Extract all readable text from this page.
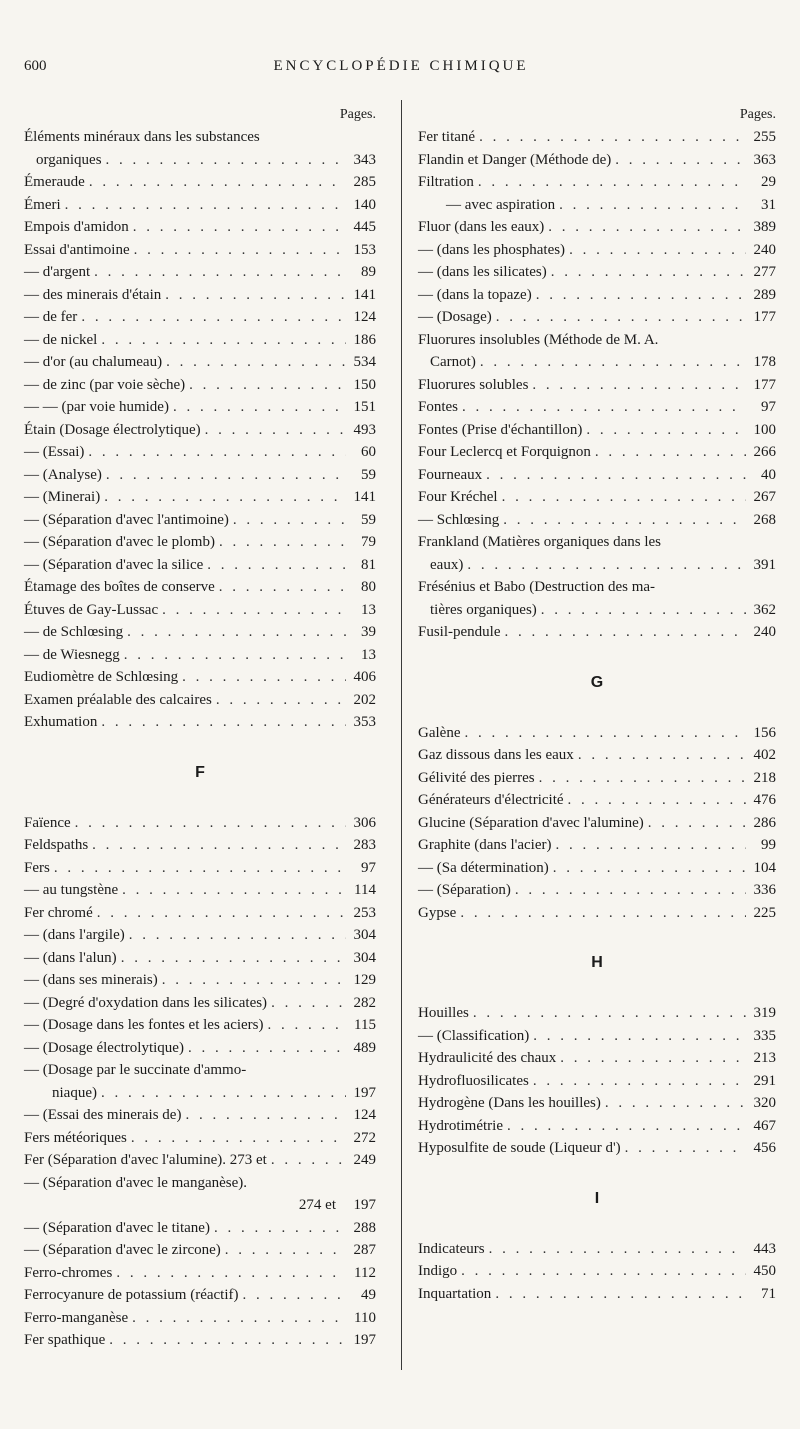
600	ENCYCLOPÉDIE CHIMIQUE
Pages.
Éléments minéraux dans les substances
organiques . . .	343
Émeraude . . .	285
Émeri . . .	140
Empois d'amidon . . .	445
Essai d'antimoine . . .	153
— d'argent . . .	89
— des minerais d'étain . . .	141
— de fer . . .	124
— de nickel . . .	186
— d'or (au chalumeau) . . .	534
— de zinc (par voie sèche) . . .	150
— — (par voie humide) . . .	151
Étain (Dosage électrolytique) . . .	493
— (Essai) . . .	60
— (Analyse) . . .	59
— (Minerai) . . .	141
— (Séparation d'avec l'antimoine) . . .	59
— (Séparation d'avec le plomb) . . .	79
— (Séparation d'avec la silice . . .	81
Étamage des boîtes de conserve . . .	80
Étuves de Gay-Lussac . . .	13
— de Schlœsing . . .	39
— de Wiesnegg . . .	13
Eudiomètre de Schlœsing . . .	406
Examen préalable des calcaires . . .	202
Exhumation . . .	353
F
Faïence . . .	306
Feldspaths . . .	283
Fers . . .	97
— au tungstène . . .	114
Fer chromé . . .	253
— (dans l'argile) . . .	304
— (dans l'alun) . . .	304
— (dans ses minerais) . . .	129
— (Degré d'oxydation dans les silicates) . . .	282
— (Dosage dans les fontes et les aciers) . . .	115
— (Dosage électrolytique) . . .	489
— (Dosage par le succinate d'ammo-
niaque) . . .	197
— (Essai des minerais de) . . .	124
Fers météoriques . . .	272
Fer (Séparation d'avec l'alumine). 273 et . . .	249
— (Séparation d'avec le manganèse).
274 et 197
— (Séparation d'avec le titane) . . .	288
— (Séparation d'avec le zircone) . . .	287
Ferro-chromes . . .	112
Ferrocyanure de potassium (réactif) . . .	49
Ferro-manganèse . . .	110
Fer spathique . . .	197
Pages.
Fer titané . . .	255
Flandin et Danger (Méthode de) . . .	363
Filtration . . .	29
— avec aspiration . . .	31
Fluor (dans les eaux) . . .	389
— (dans les phosphates) . . .	240
— (dans les silicates) . . .	277
— (dans la topaze) . . .	289
— (Dosage) . . .	177
Fluorures insolubles (Méthode de M. A.
Carnot) . . .	178
Fluorures solubles . . .	177
Fontes . . .	97
Fontes (Prise d'échantillon) . . .	100
Four Leclercq et Forquignon . . .	266
Fourneaux . . .	40
Four Kréchel . . .	267
— Schlœsing . . .	268
Frankland (Matières organiques dans les
eaux) . . .	391
Frésénius et Babo (Destruction des ma-
tières organiques) . . .	362
Fusil-pendule . . .	240
G
Galène . . .	156
Gaz dissous dans les eaux . . .	402
Gélivité des pierres . . .	218
Générateurs d'électricité . . .	476
Glucine (Séparation d'avec l'alumine) . . .	286
Graphite (dans l'acier) . . .	99
— (Sa détermination) . . .	104
— (Séparation) . . .	336
Gypse . . .	225
H
Houilles . . .	319
— (Classification) . . .	335
Hydraulicité des chaux . . .	213
Hydrofluosilicates . . .	291
Hydrogène (Dans les houilles) . . .	320
Hydrotimétrie . . .	467
Hyposulfite de soude (Liqueur d') . . .	456
I
Indicateurs . . .	443
Indigo . . .	450
Inquartation . . .	71
